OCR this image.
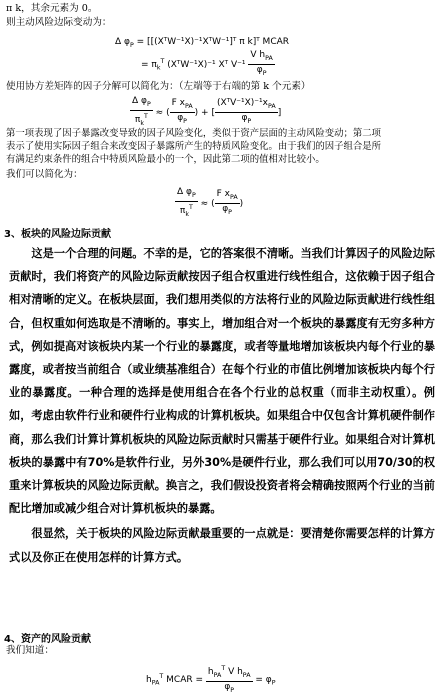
π k，其余元素为 0。
则主动风险边际变动为：
Δ $\varphi_P$ = [[(XᵀW⁻¹X)⁻¹XᵀW⁻¹]ᵀ π k]ᵀ MCAR
= $\pi_k^T$ (XᵀW⁻¹X)⁻¹ Xᵀ $V^{-1} \frac{V h_{PA}}{\varphi_P}$
使用协方差矩阵的因子分解可以简化为：（左端等于右端的第 k 个元素）
$\frac{\Delta \varphi_P}{\pi_k^T}$ ≈ ( $\frac{F x_{PA}}{\varphi_P}$ ) + [ $\frac{(XᵀV^{-1}X)^{-1}x_{PA}}{\varphi_P}$ ]
第一项表现了因子暴露改变导致的因子风险变化，类似于资产层面的主动风险变动；第二项
表示了使用实际因子组合来改变因子暴露所产生的特质风险变化。由于我们的因子组合是所
有满足约束条件的组合中特质风险最小的一个，因此第二项的值相对比较小。
我们可以简化为：
$\frac{\Delta \varphi_P}{\pi_k^T}$ ≈ ( $\frac{F x_{PA}}{\varphi_P}$ )
3、板块的风险边际贡献

这是一个合理的问题。不幸的是，它的答案很不清晰。当我们计算因子的风险边际贡献时，我们将资产的风险边际贡献按因子组合权重进行线性组合，这依赖于因子组合相对清晰的定义。在板块层面，我们想用类似的方法将行业的风险边际贡献进行线性组合，但权重如何选取是不清晰的。事实上，增加组合对一个板块的暴露度有无穷多种方式，例如提高对该板块内某一个行业的暴露度，或者等量地增加该板块内每个行业的暴露度，或者按当前组合（或业绩基准组合）在每个行业的市值比例增加该板块内每个行业的暴露度。一种合理的选择是使用组合在各个行业的总权重（而非主动权重）。例如，考虑由软件行业和硬件行业构成的计算机板块。如果组合中仅包含计算机硬件制作商，那么我们计算计算机板块的风险边际贡献时只需基于硬件行业。如果组合对计算机板块的暴露中有70%是软件行业，另外30%是硬件行业，那么我们可以用70/30的权重来计算板块的风险边际贡献。换言之，我们假设投资者将会精确按照两个行业的当前配比增加或减少组合对计算机板块的暴露。

很显然，关于板块的风险边际贡献最重要的一点就是：要清楚你需要怎样的计算方式以及你正在使用怎样的计算方式。

4、资产的风险贡献
我们知道：
$h_{PA}^T$ MCAR = $\frac{h_{PA}^T V h_{PA}}{\varphi_P} = \varphi_P$
